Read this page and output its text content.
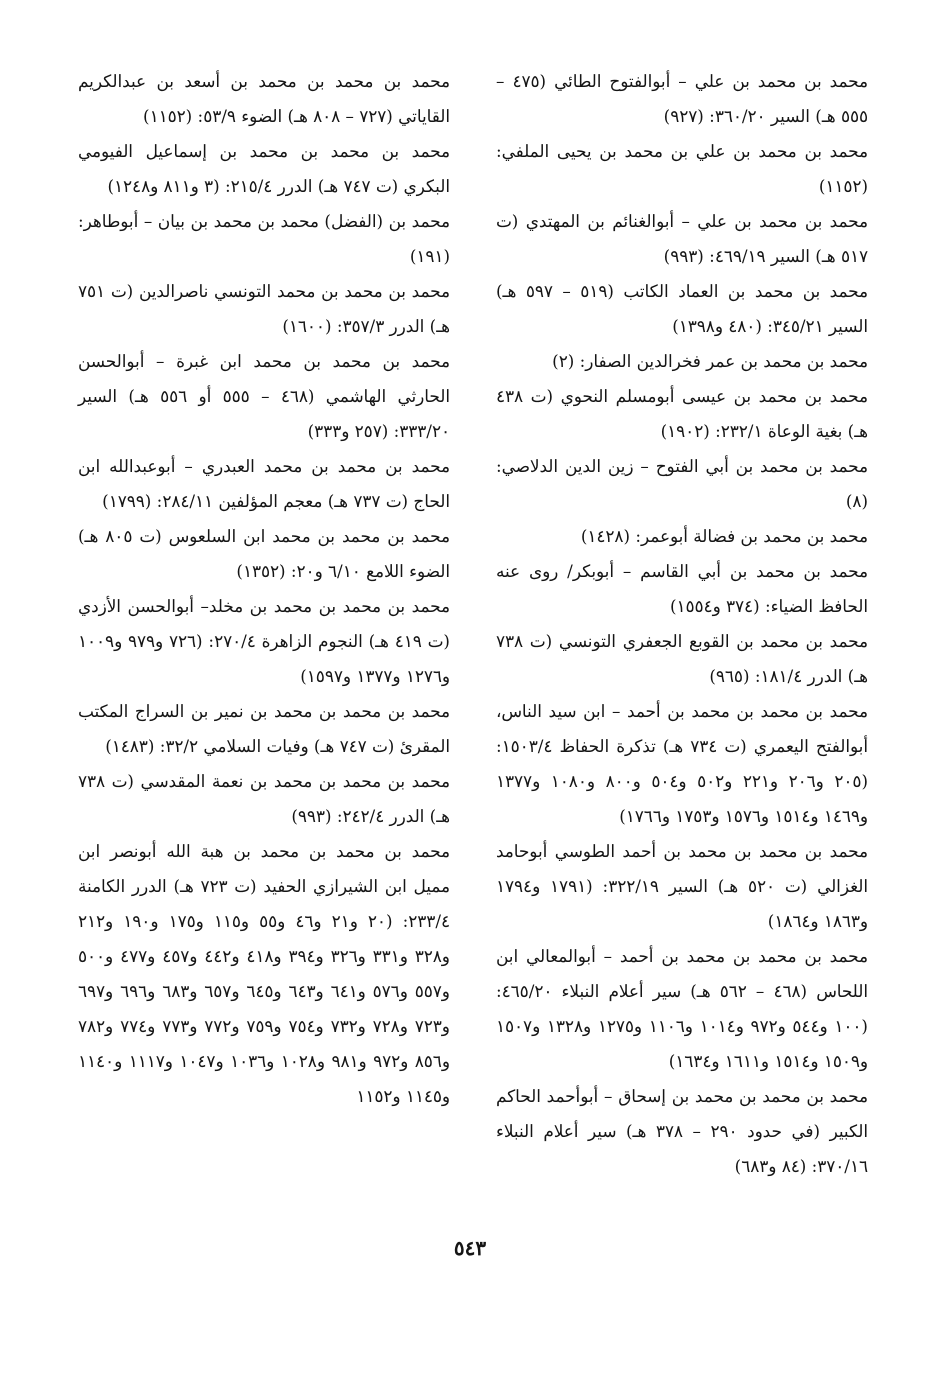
محمد بن محمد بن علي – أبوالفتوح الطائي (٤٧٥ – ٥٥٥ هـ) السير ٣٦٠/٢٠: (٩٢٧)

محمد بن محمد بن علي بن محمد بن يحيى الملفي: (١١٥٢)

محمد بن محمد بن علي – أبوالغنائم بن المهتدي (ت ٥١٧ هـ) السير ٤٦٩/١٩: (٩٩٣)

محمد بن محمد بن العماد الكاتب (٥١٩ – ٥٩٧ هـ) السير ٣٤٥/٢١: (٤٨٠ و١٣٩٨)

محمد بن محمد بن عمر فخرالدين الصفار: (٢)

محمد بن محمد بن عيسى أبومسلم النحوي (ت ٤٣٨ هـ) بغية الوعاة ٢٣٢/١: (١٩٠٢)

محمد بن محمد بن أبي الفتوح – زين الدين الدلاصي: (٨)

محمد بن محمد بن فضالة أبوعمر: (١٤٢٨)

محمد بن محمد بن أبي القاسم – أبوبكر/ روى عنه الحافظ الضياء: (٣٧٤ و١٥٥٤)

محمد بن محمد بن القوبع الجعفري التونسي (ت ٧٣٨ هـ) الدرر ١٨١/٤: (٩٦٥)

محمد بن محمد بن محمد بن أحمد – ابن سيد الناس، أبوالفتح اليعمري (ت ٧٣٤ هـ) تذكرة الحفاظ ١٥٠٣/٤: (٢٠٥ و٢٠٦ و٢٢١ و٥٠٢ و٥٠٤ و٨٠٠ و١٠٨٠ و١٣٧٧ و١٤٦٩ و١٥١٤ و١٥٧٦ و١٧٥٣ و١٧٦٦)

محمد بن محمد بن محمد بن أحمد الطوسي أبوحامد الغزالي (ت ٥٢٠ هـ) السير ٣٢٢/١٩: (١٧٩١ و١٧٩٤ و١٨٦٣ و١٨٦٤)

محمد بن محمد بن محمد بن أحمد – أبوالمعالي ابن اللحاس (٤٦٨ – ٥٦٢ هـ) سير أعلام النبلاء ٤٦٥/٢٠: (١٠٠ و٥٤٤ و٩٧٢ و١٠١٤ و١١٠٦ و١٢٧٥ و١٣٢٨ و١٥٠٧ و١٥٠٩ و١٥١٤ و١٦١١ و١٦٣٤)

محمد بن محمد بن محمد بن إسحاق – أبوأحمد الحاكم الكبير (في حدود ٢٩٠ – ٣٧٨ هـ) سير أعلام النبلاء ٣٧٠/١٦: (٨٤ و٦٨٣)

محمد بن محمد بن محمد بن أسعد بن عبدالكريم القاياتي (٧٢٧ – ٨٠٨ هـ) الضوء ٥٣/٩: (١١٥٢)

محمد بن محمد بن محمد بن إسماعيل الفيومي البكري (ت ٧٤٧ هـ) الدرر ٢١٥/٤: (٣ و٨١١ و١٢٤٨)

محمد بن (الفضل) محمد بن محمد بن بيان – أبوطاهر: (١٩١)

محمد بن محمد بن محمد التونسي ناصرالدين (ت ٧٥١ هـ) الدرر ٣٥٧/٣: (١٦٠٠)

محمد بن محمد بن محمد ابن غبرة – أبوالحسن الحارثي الهاشمي (٤٦٨ – ٥٥٥ أو ٥٥٦ هـ) السير ٣٣٣/٢٠: (٢٥٧ و٣٣٣)

محمد بن محمد بن محمد العبدري – أبوعبدالله ابن الحاج (ت ٧٣٧ هـ) معجم المؤلفين ٢٨٤/١١: (١٧٩٩)

محمد بن محمد بن محمد ابن السلعوس (ت ٨٠٥ هـ) الضوء اللامع ٦/١٠ و٢٠: (١٣٥٢)

محمد بن محمد بن محمد بن مخلد– أبوالحسن الأزدي (ت ٤١٩ هـ) النجوم الزاهرة ٢٧٠/٤: (٧٢٦ و٩٧٩ و١٠٠٩ و١٢٧٦ و١٣٧٧ و١٥٩٧)

محمد بن محمد بن محمد بن نمير بن السراج المكتب المقرئ (ت ٧٤٧ هـ) وفيات السلامي ٣٢/٢: (١٤٨٣)

محمد بن محمد بن محمد بن نعمة المقدسي (ت ٧٣٨ هـ) الدرر ٢٤٢/٤: (٩٩٣)

محمد بن محمد بن محمد بن هبة الله أبونصر ابن مميل ابن الشيرازي الحفيد (ت ٧٢٣ هـ) الدرر الكامنة ٢٣٣/٤: (٢٠ و٢١ و٤٦ و٥٥ و١١٥ و١٧٥ و١٩٠ و٢١٢ و٣٢٨ و٣٣١ و٣٢٦ و٣٩٤ و٤١٨ و٤٤٢ و٤٥٧ و٤٧٧ و٥٠٠ و٥٥٧ و٥٧٦ و٦٤١ و٦٤٣ و٦٤٥ و٦٥٧ و٦٨٣ و٦٩٦ و٦٩٧ و٧٢٣ و٧٢٨ و٧٣٢ و٧٥٤ و٧٥٩ و٧٧٢ و٧٧٣ و٧٧٤ و٧٨٢ و٨٥٦ و٩٧٢ و٩٨١ و١٠٢٨ و١٠٣٦ و١٠٤٧ و١١١٧ و١١٤٠ و١١٤٥ و١١٥٢

٥٤٣
